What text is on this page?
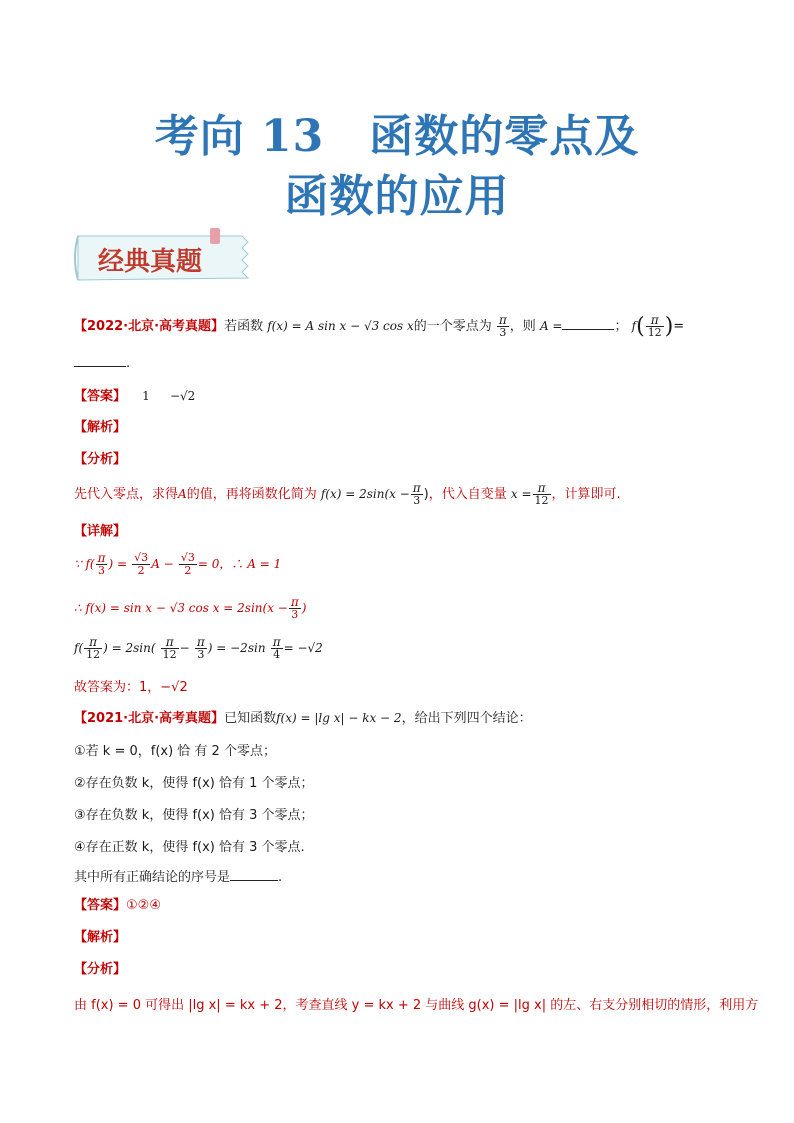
考向 13　函数的零点及
函数的应用
经典真题
【2022·北京·高考真题】若函数 f(x) = A sin x − √3 cos x的一个零点为 $\frac{\pi}{3}$ ，则 A =	； $f( \frac{\pi}{12}$ )=
.
【答案】 1 −√2
【解析】
【分析】
先代入零点，求得A的值，再将函数化简为 $f(x) = 2\sin(x - \frac{\pi}{3}$ )，代入自变量 $x = \frac{\pi}{12}$ ，计算即可.
【详解】
∵ $f( \frac{\pi}{3}$ ) = $\frac{√3}{2}$ $A - \frac{√3}{2} = 0$，∴ A = 1
∴ f(x) = sin x − √3 $\cos x = 2\sin(x - \frac{\pi}{3}$ )
$f( \frac{\pi}{12}$ ) = $2\sin( \frac{\pi}{12} - \frac{\pi}{3}$ ) = $-2\sin \frac{\pi}{4} = -√2$
故答案为：1，−√2
【2021·北京·高考真题】已知函数f(x) = |lg x| − kx − 2，给出下列四个结论：
①若 k = 0，f(x) 恰 有 2 个零点；
②存在负数 k，使得 f(x) 恰有 1 个零点；
③存在负数 k，使得 f(x) 恰有 3 个零点；
④存在正数 k，使得 f(x) 恰有 3 个零点.
其中所有正确结论的序号是	.
【答案】①②④
【解析】
【分析】
由 f(x) = 0 可得出 |lg x| = kx + 2，考查直线 y = kx + 2 与曲线 g(x) = |lg x| 的左、右支分别相切的情形，利用方
